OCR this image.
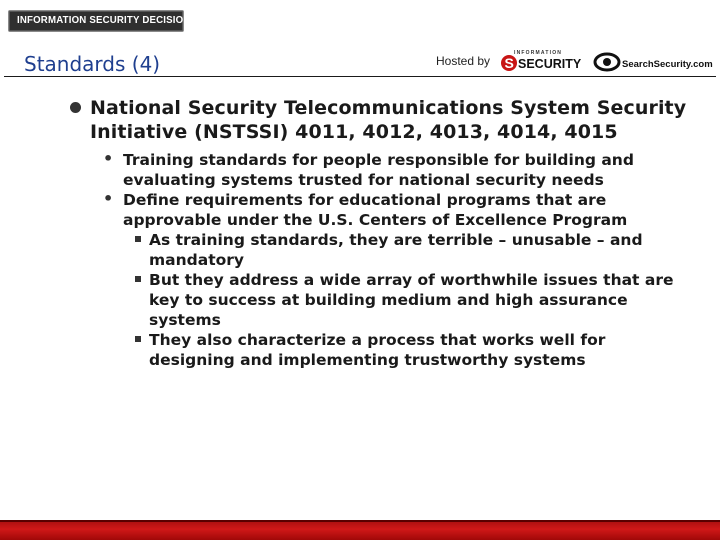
INFORMATION SECURITY DECISIONS
Standards (4)	Hosted by
INFORMATION
S SECURITY	SearchSecurity.com
National Security Telecommunications System Security Initiative (NSTSSI) 4011, 4012, 4013, 4014, 4015
• Training standards for people responsible for building and evaluating systems trusted for national security needs
• Define requirements for educational programs that are approvable under the U.S. Centers of Excellence Program
As training standards, they are terrible – unusable – and mandatory
But they address a wide array of worthwhile issues that are key to success at building medium and high assurance systems
They also characterize a process that works well for designing and implementing trustworthy systems
